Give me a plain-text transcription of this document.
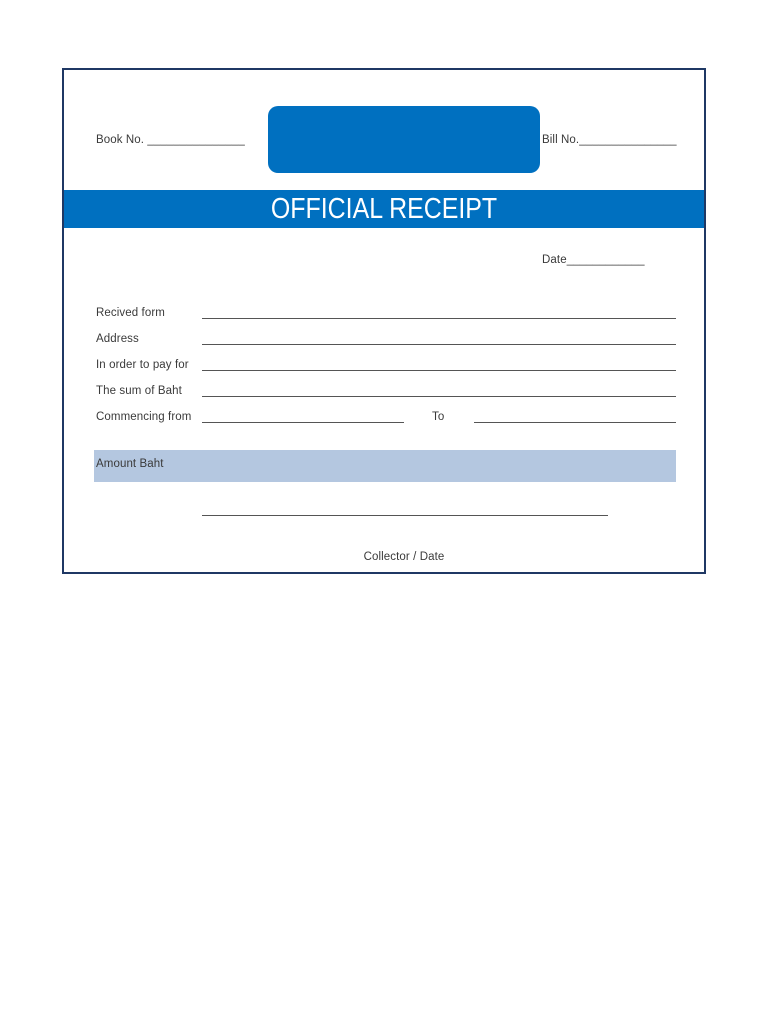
Book No. _______________	Bill No._______________
OFFICIAL RECEIPT
Date____________
Recived form
Address
In order to pay for
The sum of Baht
Commencing from	To
Amount Baht
Collector / Date
